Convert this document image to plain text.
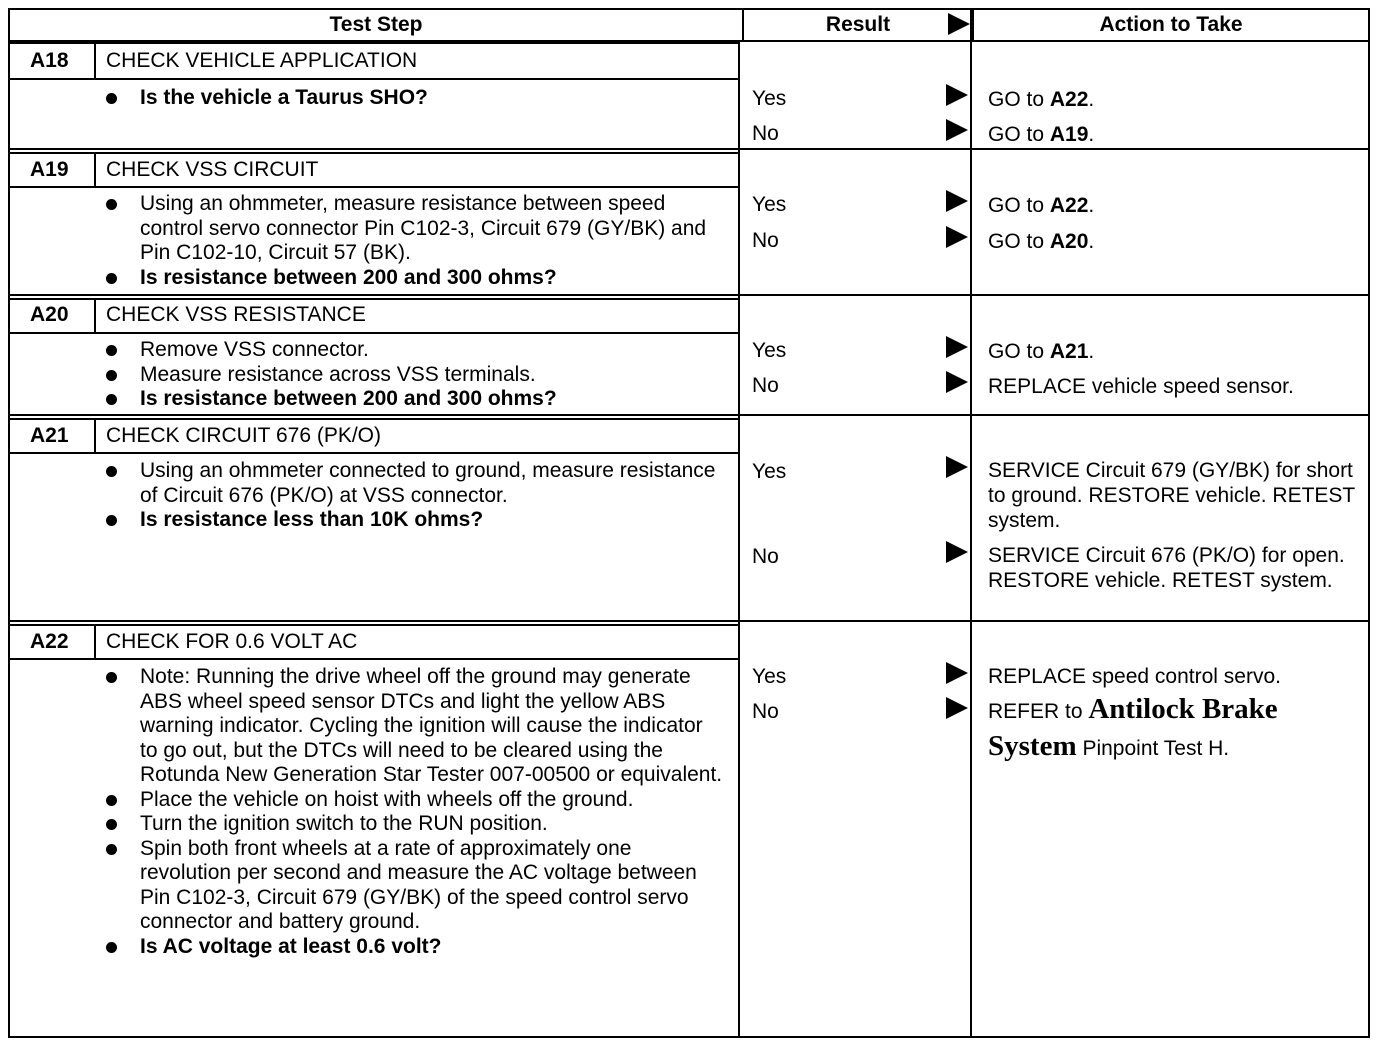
Test Step	Result	Action to Take
A18 CHECK VEHICLE APPLICATION
Is the vehicle a Taurus SHO?	Yes	GO to A22.
No	GO to A19.
A19 CHECK VSS CIRCUIT
Using an ohmmeter, measure resistance between speed control servo connector Pin C102-3, Circuit 679 (GY/BK) and Pin C102-10, Circuit 57 (BK).
Is resistance between 200 and 300 ohms?
Yes	GO to A22.
No	GO to A20.
A20 CHECK VSS RESISTANCE
Remove VSS connector.
Measure resistance across VSS terminals.
Is resistance between 200 and 300 ohms?
Yes	GO to A21.
No	REPLACE vehicle speed sensor.
A21 CHECK CIRCUIT 676 (PK/O)
Using an ohmmeter connected to ground, measure resistance of Circuit 676 (PK/O) at VSS connector.
Is resistance less than 10K ohms?
Yes	SERVICE Circuit 679 (GY/BK) for short to ground. RESTORE vehicle. RETEST system.
No	SERVICE Circuit 676 (PK/O) for open. RESTORE vehicle. RETEST system.
A22 CHECK FOR 0.6 VOLT AC
Note: Running the drive wheel off the ground may generate ABS wheel speed sensor DTCs and light the yellow ABS warning indicator. Cycling the ignition will cause the indicator to go out, but the DTCs will need to be cleared using the Rotunda New Generation Star Tester 007-00500 or equivalent.
Place the vehicle on hoist with wheels off the ground.
Turn the ignition switch to the RUN position.
Spin both front wheels at a rate of approximately one revolution per second and measure the AC voltage between Pin C102-3, Circuit 679 (GY/BK) of the speed control servo connector and battery ground.
Is AC voltage at least 0.6 volt?
Yes	REPLACE speed control servo.
No	REFER to Antilock Brake System Pinpoint Test H.
